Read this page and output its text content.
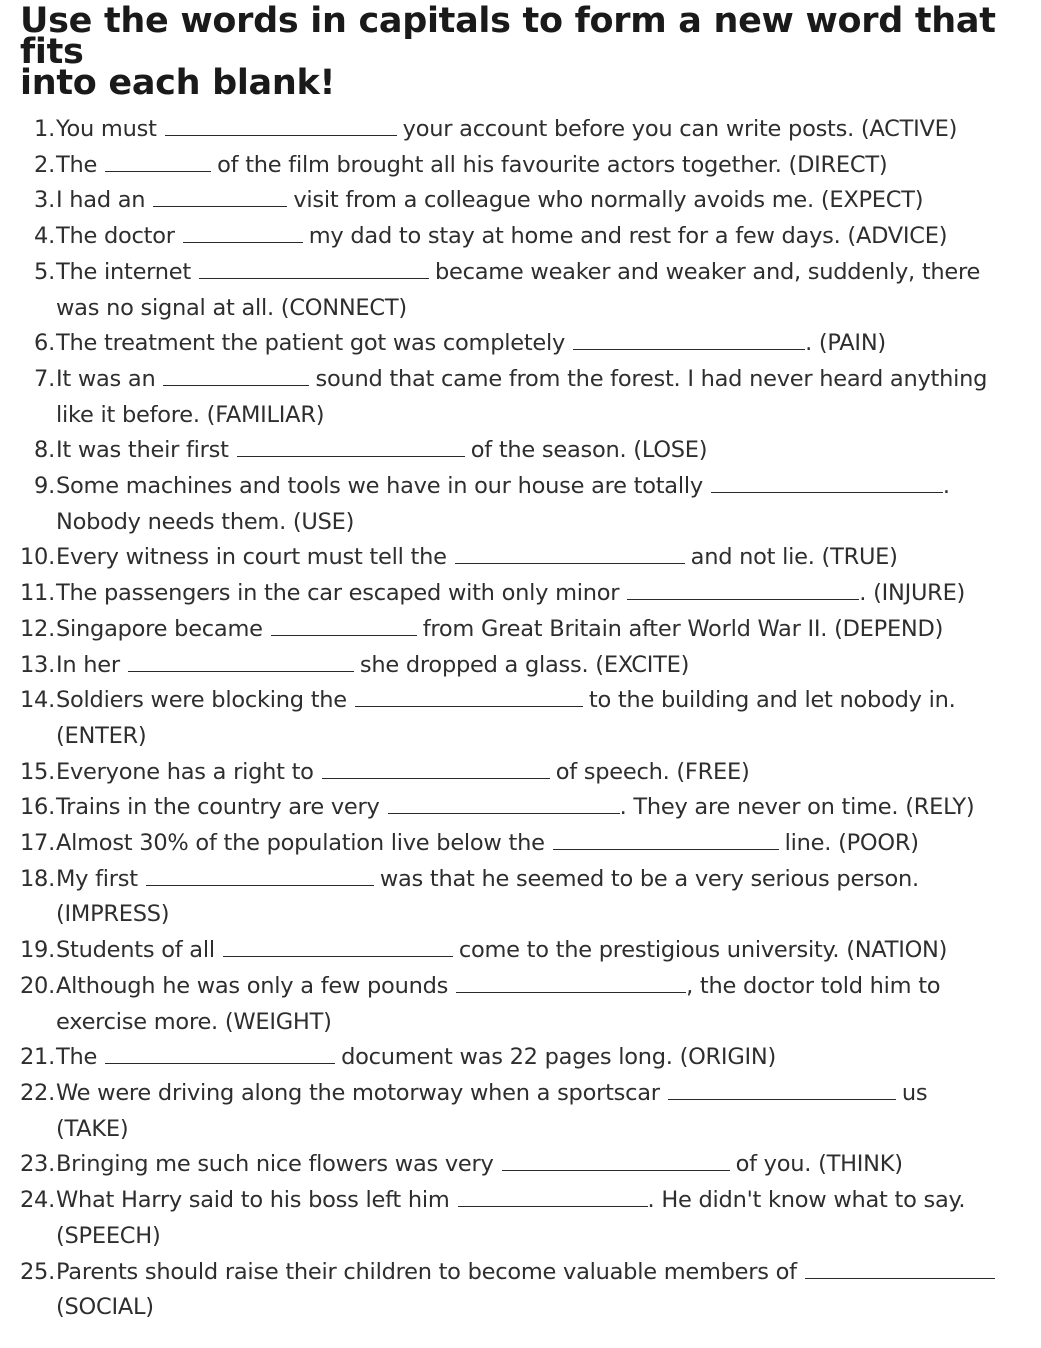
Use the words in capitals to form a new word that fits
into each blank!
1. You must	your account before you can write posts. (ACTIVE)
2. The	of the film brought all his favourite actors together. (DIRECT)
3. I had an	visit from a colleague who normally avoids me. (EXPECT)
4. The doctor	my dad to stay at home and rest for a few days. (ADVICE)
5. The internet	became weaker and weaker and, suddenly, there
was no signal at all. (CONNECT)
6. The treatment the patient got was completely	. (PAIN)
7. It was an	sound that came from the forest. I had never heard anything
like it before. (FAMILIAR)
8. It was their first	of the season. (LOSE)
9. Some machines and tools we have in our house are totally	.
Nobody needs them. (USE)
10. Every witness in court must tell the	and not lie. (TRUE)
11. The passengers in the car escaped with only minor	. (INJURE)
12. Singapore became	from Great Britain after World War II. (DEPEND)
13. In her	she dropped a glass. (EXCITE)
14. Soldiers were blocking the	to the building and let nobody in.
(ENTER)
15. Everyone has a right to	of speech. (FREE)
16. Trains in the country are very	. They are never on time. (RELY)
17. Almost 30% of the population live below the	line. (POOR)
18. My first	was that he seemed to be a very serious person.
(IMPRESS)
19. Students of all	come to the prestigious university. (NATION)
20. Although he was only a few pounds	, the doctor told him to
exercise more. (WEIGHT)
21. The	document was 22 pages long. (ORIGIN)
22. We were driving along the motorway when a sportscar	us
(TAKE)
23. Bringing me such nice flowers was very	of you. (THINK)
24. What Harry said to his boss left him	. He didn't know what to say.
(SPEECH)
25. Parents should raise their children to become valuable members of
(SOCIAL)
